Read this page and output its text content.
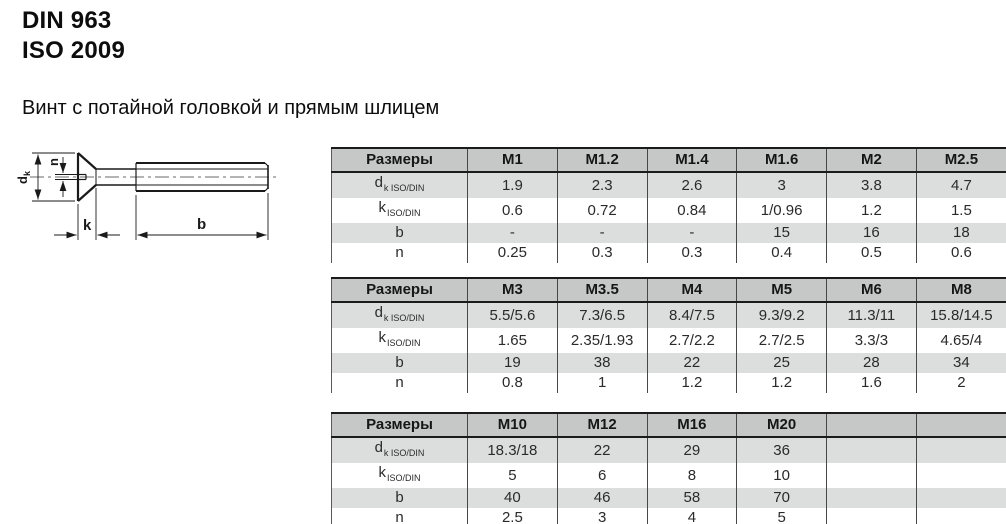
DIN 963
ISO 2009
Винт с потайной головкой и прямым шлицем
$d_k$
n
k	b
Размеры	M1	M1.2	M1.4	M1.6	M2	M2.5
$d_{k ISO/DIN}$	1.9	2.3	2.6	3	3.8	4.7
$k_{ISO/DIN}$	0.6	0.72	0.84	1/0.96	1.2	1.5
b	-	-	-	15	16	18
n	0.25	0.3	0.3	0.4	0.5	0.6
Размеры	M3	M3.5	M4	M5	M6	M8
$d_{k ISO/DIN}$	5.5/5.6	7.3/6.5	8.4/7.5	9.3/9.2	11.3/11	15.8/14.5
$k_{ISO/DIN}$	1.65	2.35/1.93	2.7/2.2	2.7/2.5	3.3/3	4.65/4
b	19	38	22	25	28	34
n	0.8	1	1.2	1.2	1.6	2
Размеры	M10	M12	M16	M20		
$d_{k ISO/DIN}$	18.3/18	22	29	36		
$k_{ISO/DIN}$	5	6	8	10		
b	40	46	58	70		
n	2.5	3	4	5		
